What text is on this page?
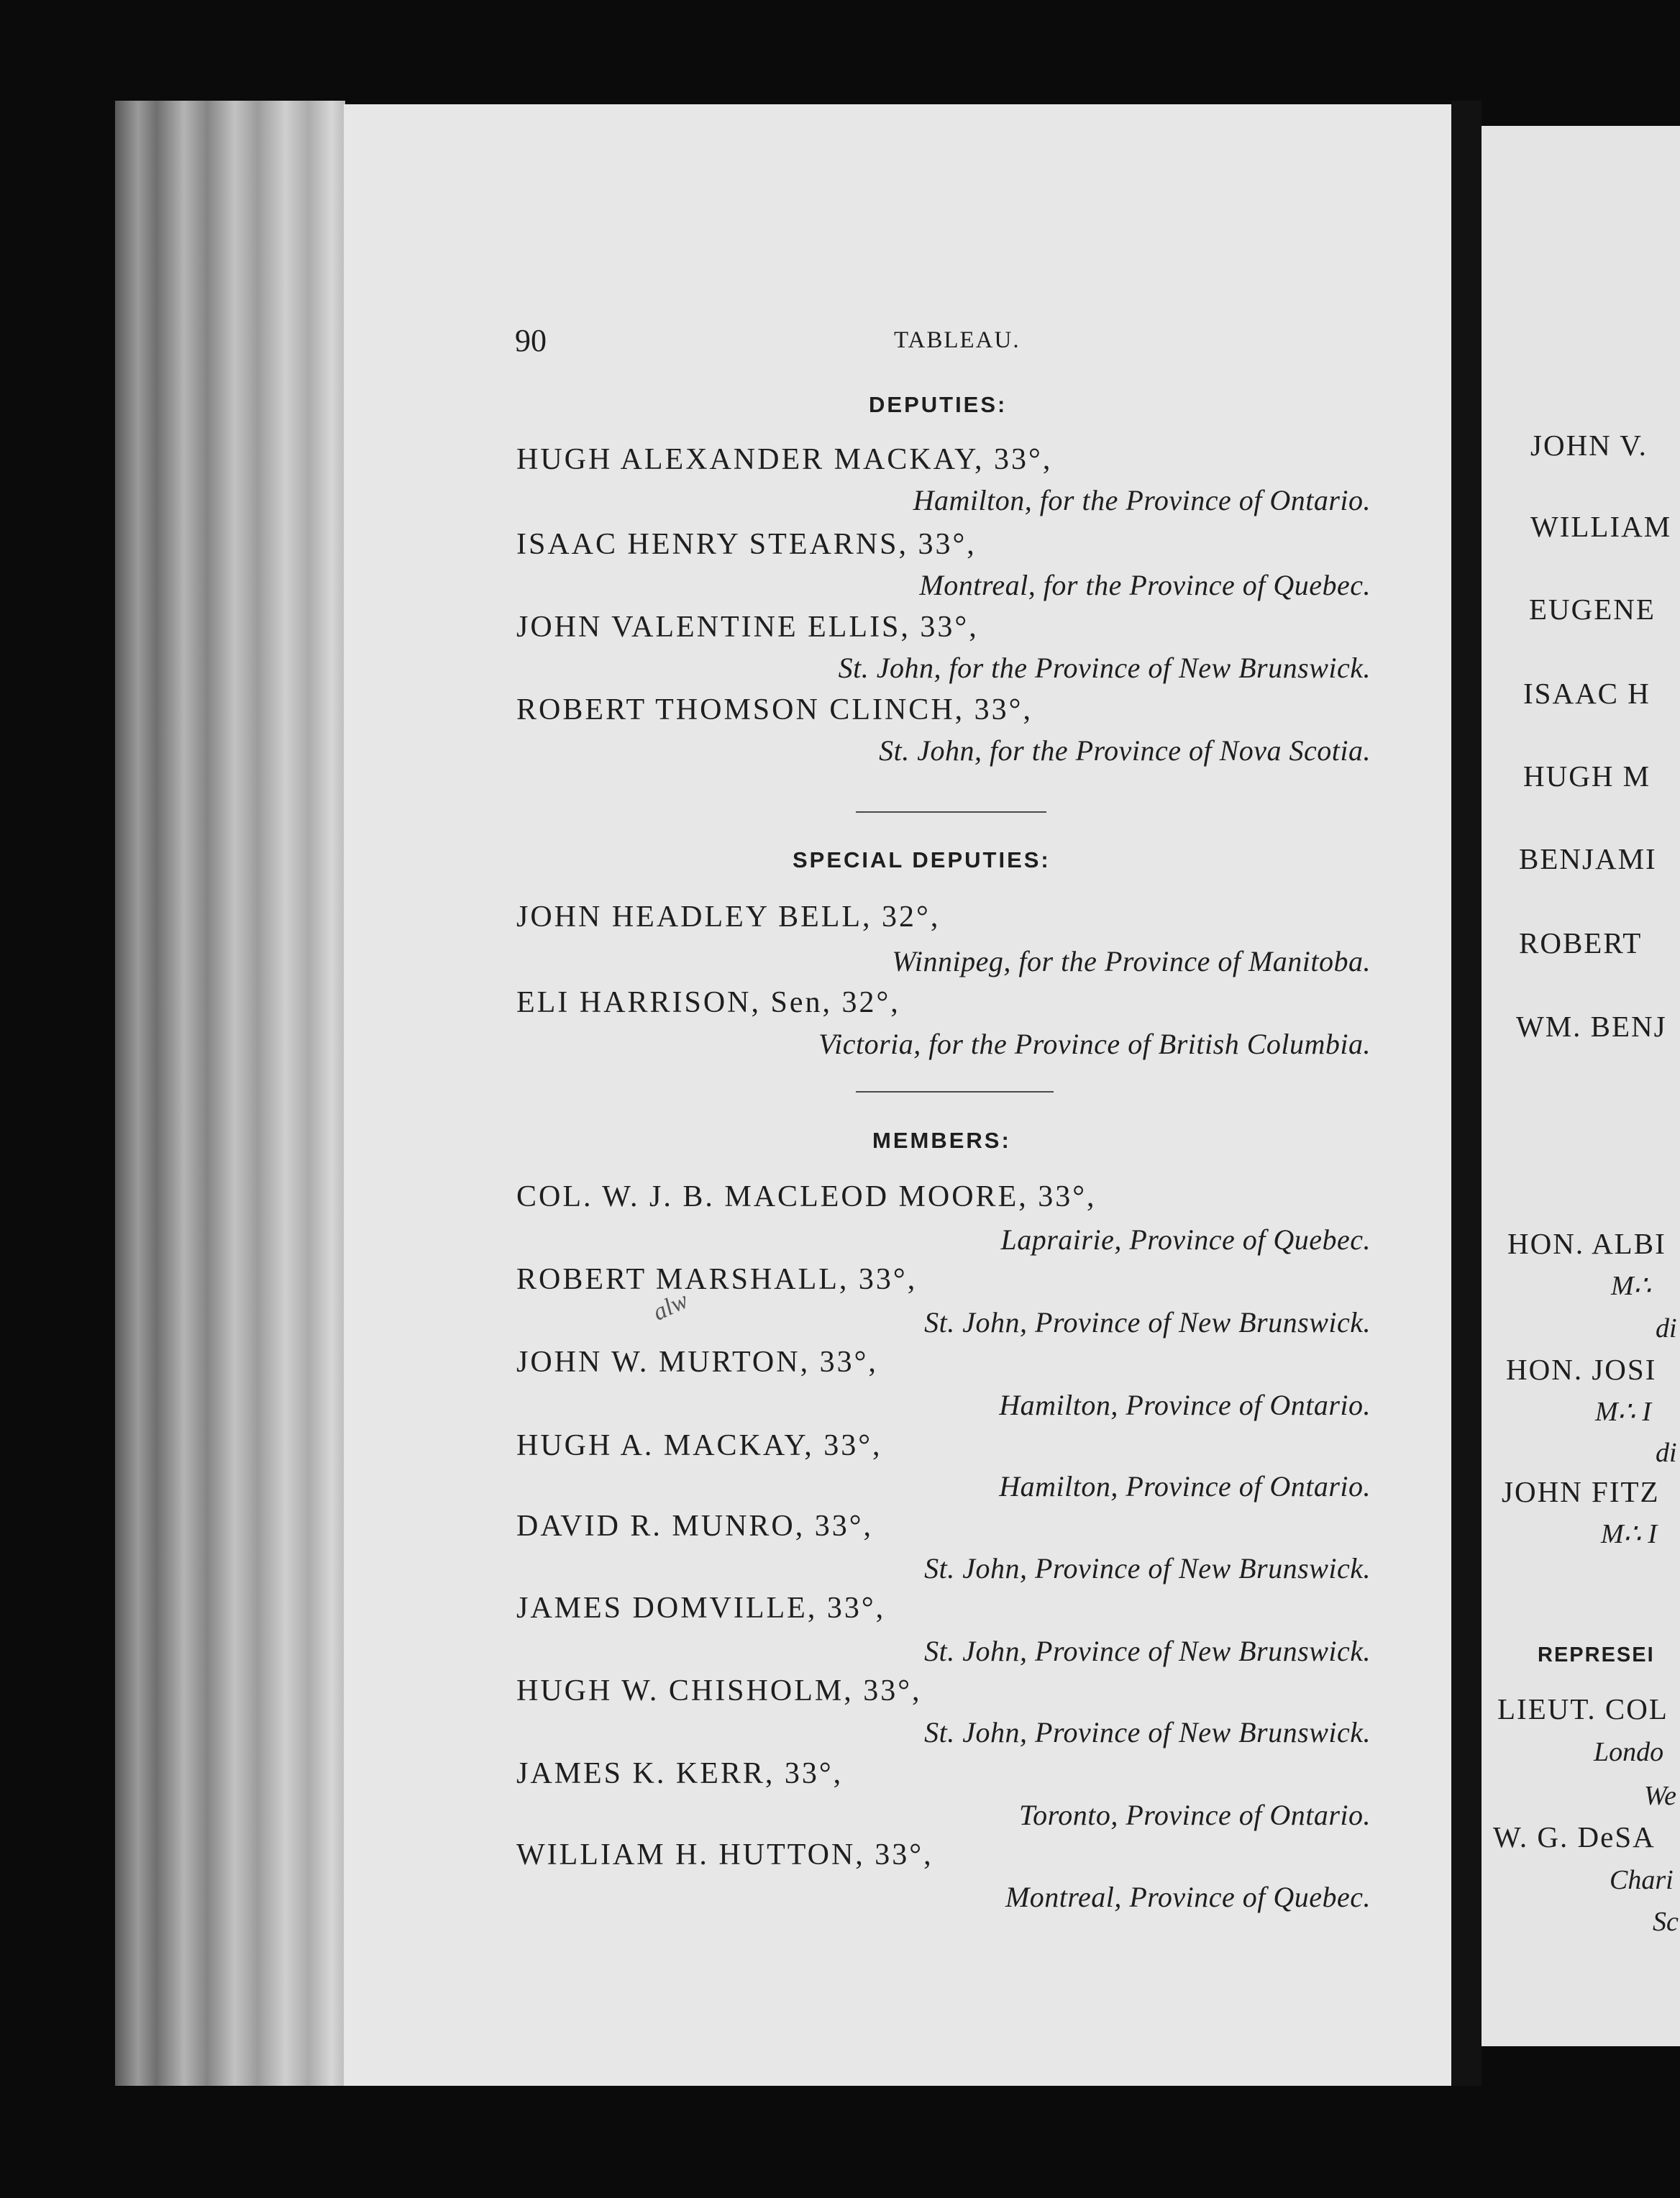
90	TABLEAU.
DEPUTIES:
HUGH ALEXANDER MACKAY, 33°,
Hamilton, for the Province of Ontario.
ISAAC HENRY STEARNS, 33°,
Montreal, for the Province of Quebec.
JOHN VALENTINE ELLIS, 33°,
St. John, for the Province of New Brunswick.
ROBERT THOMSON CLINCH, 33°,
St. John, for the Province of Nova Scotia.
SPECIAL DEPUTIES:
JOHN HEADLEY BELL, 32°,
Winnipeg, for the Province of Manitoba.
ELI HARRISON, Sen, 32°,
Victoria, for the Province of British Columbia.
MEMBERS:
COL. W. J. B. MACLEOD MOORE, 33°,
Laprairie, Province of Quebec.
ROBERT MARSHALL, 33°,
St. John, Province of New Brunswick.
alw
JOHN W. MURTON, 33°,
Hamilton, Province of Ontario.
HUGH A. MACKAY, 33°,
Hamilton, Province of Ontario.
DAVID R. MUNRO, 33°,
St. John, Province of New Brunswick.
JAMES DOMVILLE, 33°,
St. John, Province of New Brunswick.
HUGH W. CHISHOLM, 33°,
St. John, Province of New Brunswick.
JAMES K. KERR, 33°,
Toronto, Province of Ontario.
WILLIAM H. HUTTON, 33°,
Montreal, Province of Quebec.
JOHN V.
WILLIAM
EUGENE
ISAAC H
HUGH M
BENJAMI
ROBERT
WM. BENJ
HON. ALBI
M∴
di
HON. JOSI
M∴ I
di
JOHN FITZ
M∴ I
REPRESEI
LIEUT. COL
Londo
We
W. G. DeSA
Chari
Sc
